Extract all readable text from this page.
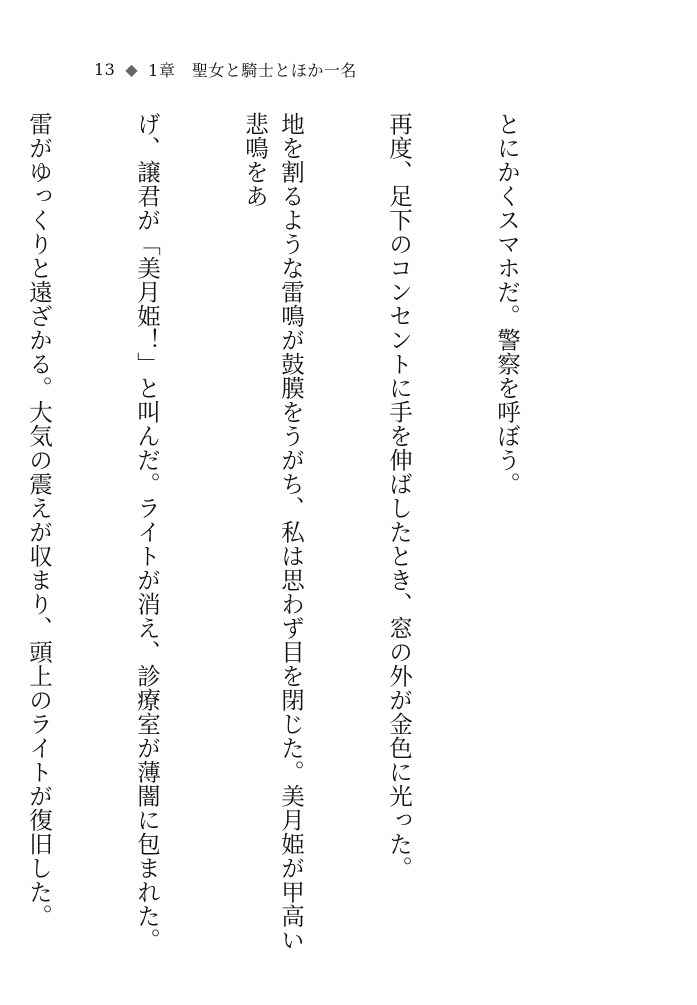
13 ◆ 1章　聖女と騎士とほか一名

とにかくスマホだ。警察を呼ぼう。

再度、足下のコンセントに手を伸ばしたとき、窓の外が金色に光った。

地を割るような雷鳴が鼓膜をうがち、私は思わず目を閉じた。美月姫が甲高い悲鳴をあ

げ、譲君が「美月姫！」と叫んだ。ライトが消え、診療室が薄闇に包まれた。

雷がゆっくりと遠ざかる。大気の震えが収まり、頭上のライトが復旧した。
